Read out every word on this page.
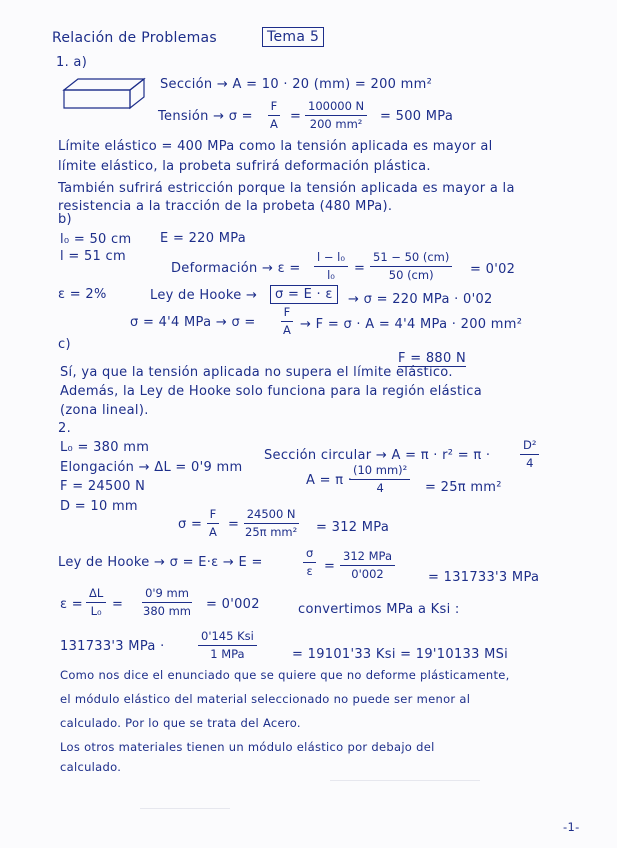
Relación de Problemas	Tema 5
1. a)
Sección → A = 10 · 20 (mm) = 200 mm²
Tensión → $\sigma = \frac{F}{A} = \frac{100000 N}{\text{200 mm²}} = 500$ MPa
Límite elástico = 400 MPa como la tensión aplicada es mayor al
límite elástico, la probeta sufrirá deformación plástica.
También sufrirá estricción porque la tensión aplicada es mayor a la
resistencia a la tracción de la probeta (480 MPa).
b)
l₀ = 50 cm E = 220 MPa
l = 51 cm
Deformación → $\varepsilon = \frac{\text{l − l₀}}{\text{l₀}} = \frac{51 - 50 (cm)}{50 (cm)} = 0'02$
ε = 2%	Ley de Hooke →	σ = E · ε	→ σ = 220 MPa · 0'02
σ = 4'4 MPa → $\sigma = \frac{F}{A} \to F = \sigma \cdot A = 4'4$ MPa · 200 mm²
F = 880 N
c)
Sí, ya que la tensión aplicada no supera el límite elástico.
Además, la Ley de Hooke solo funciona para la región elástica
(zona lineal).
2.
L₀ = 380 mm
Elongación → ΔL = 0'9 mm
F = 24500 N
D = 10 mm
Sección circular → A = π · r² = π ·	$\frac{\text{D²}}{4}$
A = π ·
$\frac{\text{(10 mm)²}}{4} = 25\pi$ mm²
$\sigma = \frac{F}{A} = \frac{24500 N}{\text{25π mm²}} = 312$ MPa
Ley de Hooke → σ = E·ε → E =	$\frac{\sigma}{\varepsilon}$ =
312 MPa
0'002	= 131733'3 MPa
$\varepsilon = \frac{\Delta L}{\text{L₀}} = \frac{0'9 mm}{380 mm} = 0'002$	convertimos MPa a Ksi :
131733'3 MPa ·
0'145 Ksi
1 MPa	= 19101'33 Ksi = 19'10133 MSi
Como nos dice el enunciado que se quiere que no deforme plásticamente,
el módulo elástico del material seleccionado no puede ser menor al
calculado. Por lo que se trata del Acero.
Los otros materiales tienen un módulo elástico por debajo del
calculado.
-1-
